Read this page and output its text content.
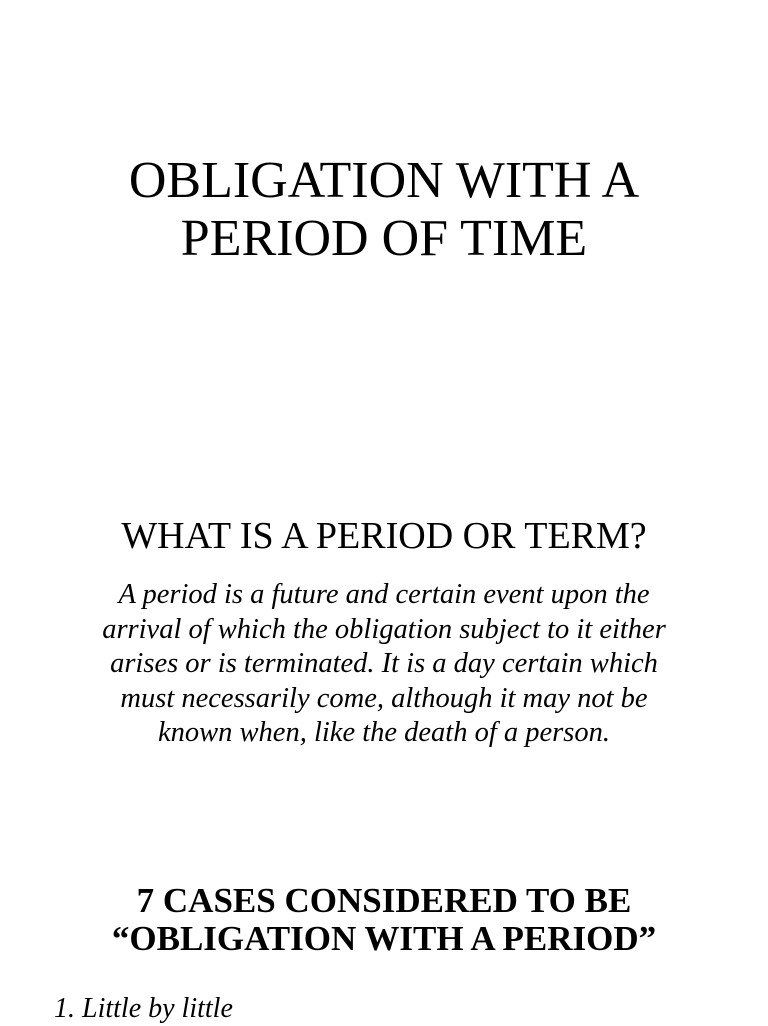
OBLIGATION WITH A
PERIOD OF TIME
WHAT IS A PERIOD OR TERM?

A period is a future and certain event upon the
arrival of which the obligation subject to it either
arises or is terminated. It is a day certain which
must necessarily come, although it may not be
known when, like the death of a person.

7 CASES CONSIDERED TO BE
“OBLIGATION WITH A PERIOD”

1. Little by little
